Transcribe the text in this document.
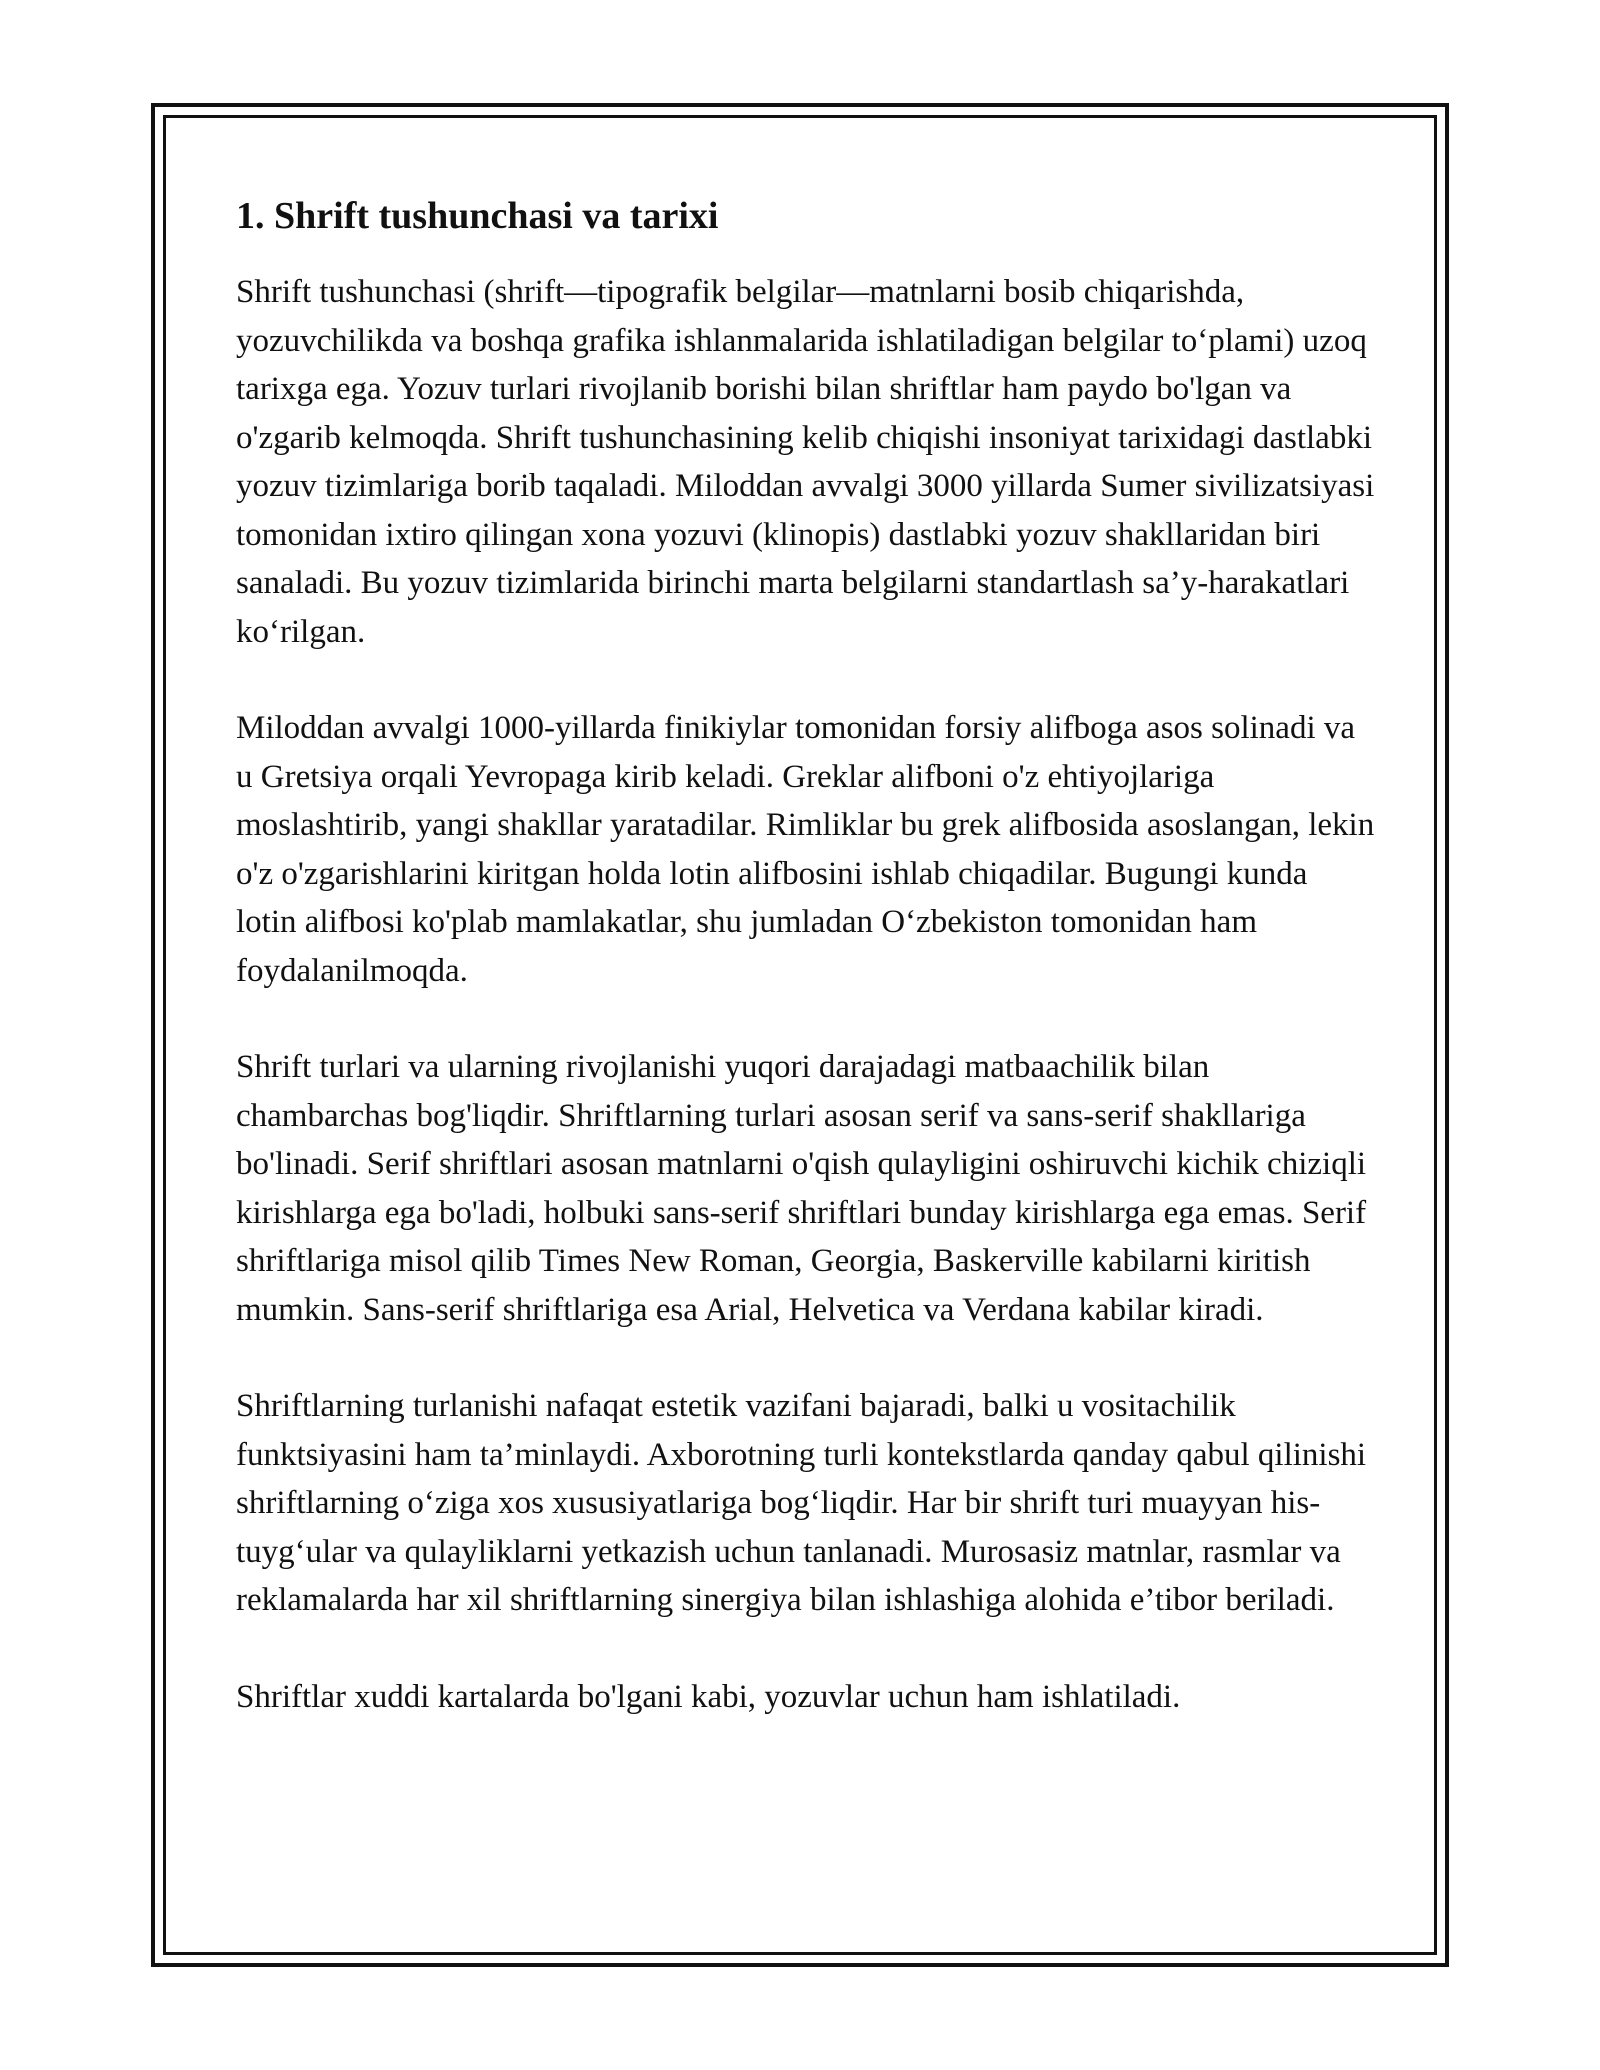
1. Shrift tushunchasi va tarixi

Shrift tushunchasi (shrift—tipografik belgilar—matnlarni bosib chiqarishda, yozuvchilikda va boshqa grafika ishlanmalarida ishlatiladigan belgilar to‘plami) uzoq tarixga ega. Yozuv turlari rivojlanib borishi bilan shriftlar ham paydo bo'lgan va o'zgarib kelmoqda. Shrift tushunchasining kelib chiqishi insoniyat tarixidagi dastlabki yozuv tizimlariga borib taqaladi. Miloddan avvalgi 3000 yillarda Sumer sivilizatsiyasi tomonidan ixtiro qilingan xona yozuvi (klinopis) dastlabki yozuv shakllaridan biri sanaladi. Bu yozuv tizimlarida birinchi marta belgilarni standartlash sa’y-harakatlari ko‘rilgan.

Miloddan avvalgi 1000-yillarda finikiylar tomonidan forsiy alifboga asos solinadi va u Gretsiya orqali Yevropaga kirib keladi. Greklar alifboni o'z ehtiyojlariga moslashtirib, yangi shakllar yaratadilar. Rimliklar bu grek alifbosida asoslangan, lekin o'z o'zgarishlarini kiritgan holda lotin alifbosini ishlab chiqadilar. Bugungi kunda lotin alifbosi ko'plab mamlakatlar, shu jumladan O‘zbekiston tomonidan ham foydalanilmoqda.

Shrift turlari va ularning rivojlanishi yuqori darajadagi matbaachilik bilan chambarchas bog'liqdir. Shriftlarning turlari asosan serif va sans-serif shakllariga bo'linadi. Serif shriftlari asosan matnlarni o'qish qulayligini oshiruvchi kichik chiziqli kirishlarga ega bo'ladi, holbuki sans-serif shriftlari bunday kirishlarga ega emas. Serif shriftlariga misol qilib Times New Roman, Georgia, Baskerville kabilarni kiritish mumkin. Sans-serif shriftlariga esa Arial, Helvetica va Verdana kabilar kiradi.

Shriftlarning turlanishi nafaqat estetik vazifani bajaradi, balki u vositachilik funktsiyasini ham ta’minlaydi. Axborotning turli kontekstlarda qanday qabul qilinishi shriftlarning o‘ziga xos xususiyatlariga bog‘liqdir. Har bir shrift turi muayyan his-tuyg‘ular va qulayliklarni yetkazish uchun tanlanadi. Murosasiz matnlar, rasmlar va reklamalarda har xil shriftlarning sinergiya bilan ishlashiga alohida e’tibor beriladi.

Shriftlar xuddi kartalarda bo'lgani kabi, yozuvlar uchun ham ishlatiladi.
